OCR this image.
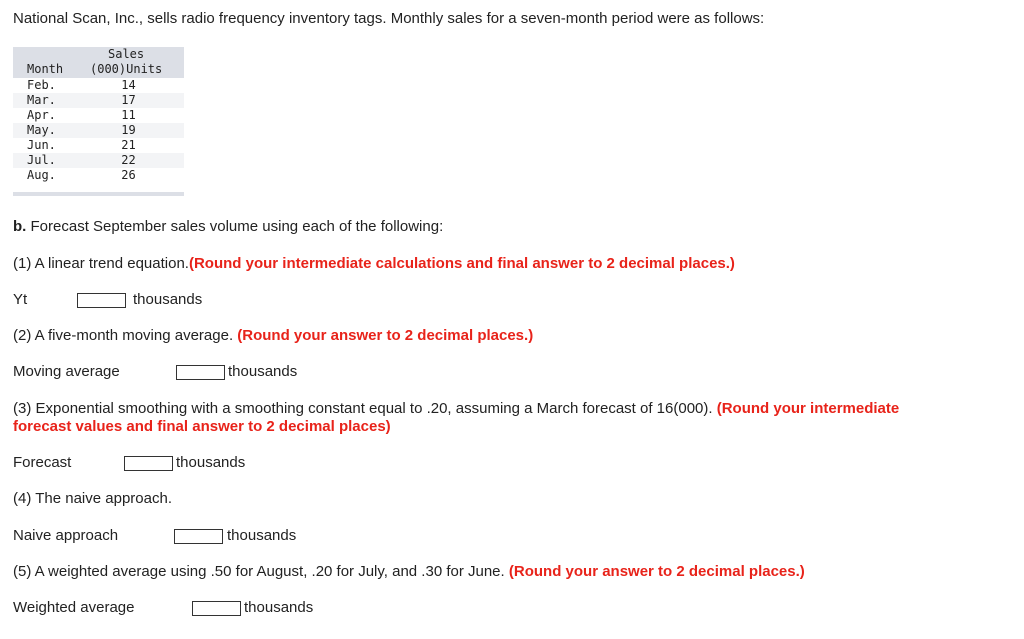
National Scan, Inc., sells radio frequency inventory tags. Monthly sales for a seven-month period were as follows:
Sales
Month (000)Units
Feb.	14
Mar.	17
Apr.	11
May.	19
Jun.	21
Jul.	22
Aug.	26
b. Forecast September sales volume using each of the following:
(1) A linear trend equation.(Round your intermediate calculations and final answer to 2 decimal places.)
Yt	thousands
(2) A five-month moving average. (Round your answer to 2 decimal places.)
Moving average	thousands
(3) Exponential smoothing with a smoothing constant equal to .20, assuming a March forecast of 16(000). (Round your intermediate
forecast values and final answer to 2 decimal places)
Forecast	thousands
(4) The naive approach.
Naive approach	thousands
(5) A weighted average using .50 for August, .20 for July, and .30 for June. (Round your answer to 2 decimal places.)
Weighted average	thousands
